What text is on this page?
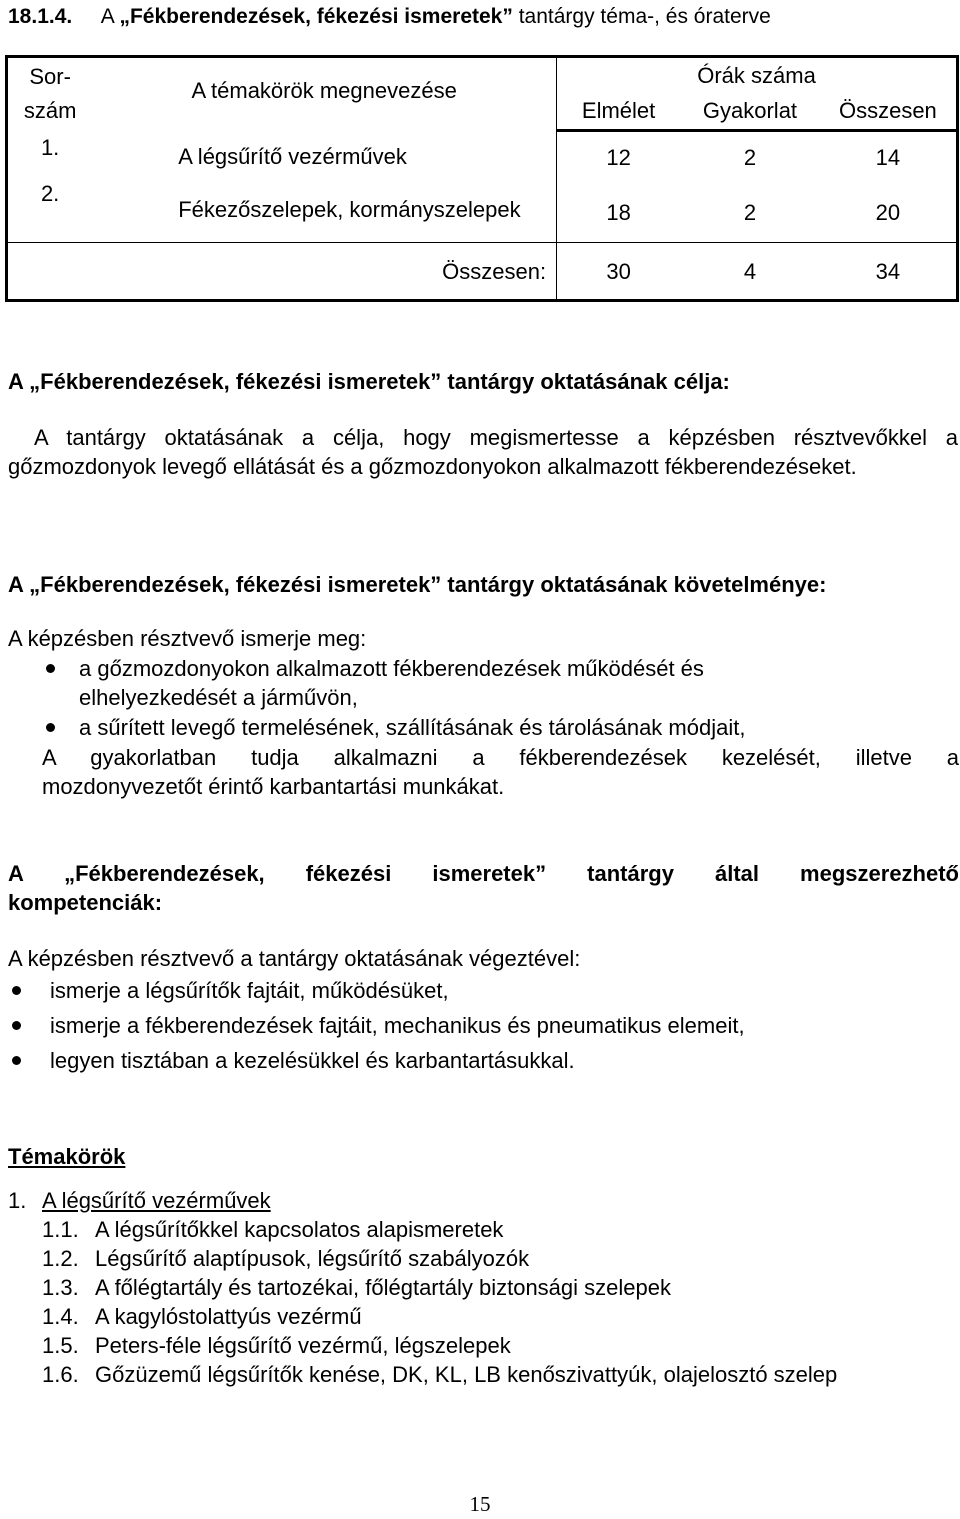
18.1.4. A „Fékberendezések, fékezési ismeretek” tantárgy téma-, és óraterve
Sor-
szám	A témakörök megnevezése	Órák száma		
		Elmélet	Gyakorlat	Összesen
1.	A légsűrítő vezérművek	12	2	14
2.	Fékezőszelepek, kormányszelepek	18	2	20
	Összesen:	30	4	34
A „Fékberendezések, fékezési ismeretek” tantárgy oktatásának célja:
A tantárgy oktatásának a célja, hogy megismertesse a képzésben résztvevőkkel a gőzmozdonyok levegő ellátását és a gőzmozdonyokon alkalmazott fékberendezéseket.
A „Fékberendezések, fékezési ismeretek” tantárgy oktatásának követelménye:
A képzésben résztvevő ismerje meg:
a gőzmozdonyokon alkalmazott fékberendezések működését és
elhelyezkedését a járművön,
a sűrített levegő termelésének, szállításának és tárolásának módjait,
A gyakorlatban tudja alkalmazni a fékberendezések kezelését, illetve a
mozdonyvezetőt érintő karbantartási munkákat.
A „Fékberendezések, fékezési ismeretek” tantárgy által megszerezhető
kompetenciák:
A képzésben résztvevő a tantárgy oktatásának végeztével:
ismerje a légsűrítők fajtáit, működésüket,
ismerje a fékberendezések fajtáit, mechanikus és pneumatikus elemeit,
legyen tisztában a kezelésükkel és karbantartásukkal.
Témakörök
1. A légsűrítő vezérművek
1.1. A légsűrítőkkel kapcsolatos alapismeretek
1.2. Légsűrítő alaptípusok, légsűrítő szabályozók
1.3. A főlégtartály és tartozékai, főlégtartály biztonsági szelepek
1.4. A kagylóstolattyús vezérmű
1.5. Peters-féle légsűrítő vezérmű, légszelepek
1.6. Gőzüzemű légsűrítők kenése, DK, KL, LB kenőszivattyúk, olajelosztó szelep
15
